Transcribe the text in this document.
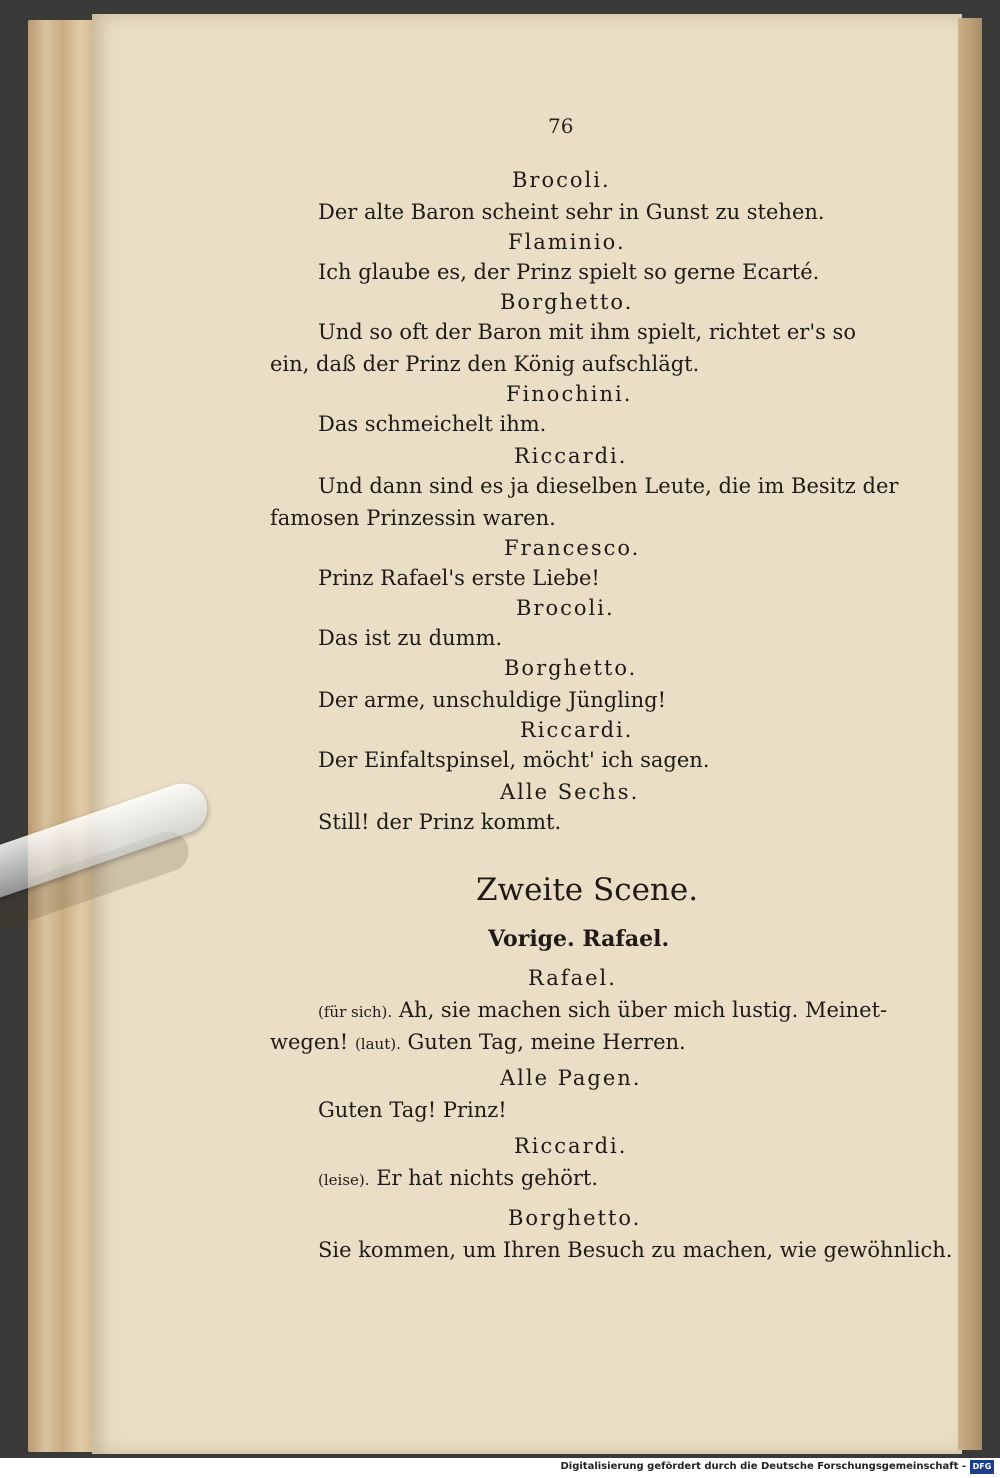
76
Brocoli.
Der alte Baron scheint sehr in Gunst zu stehen.
Flaminio.
Ich glaube es, der Prinz spielt so gerne Ecarté.
Borghetto.
Und so oft der Baron mit ihm spielt, richtet er's so
ein, daß der Prinz den König aufschlägt.
Finochini.
Das schmeichelt ihm.
Riccardi.
Und dann sind es ja dieselben Leute, die im Besitz der
famosen Prinzessin waren.
Francesco.
Prinz Rafael's erste Liebe!
Brocoli.
Das ist zu dumm.
Borghetto.
Der arme, unschuldige Jüngling!
Riccardi.
Der Einfaltspinsel, möcht' ich sagen.
Alle Sechs.
Still! der Prinz kommt.
Zweite Scene.
Vorige. Rafael.
Rafael.
(für sich). Ah, sie machen sich über mich lustig. Meinet-
wegen! (laut). Guten Tag, meine Herren.
Alle Pagen.
Guten Tag! Prinz!
Riccardi.
(leise). Er hat nichts gehört.
Borghetto.
Sie kommen, um Ihren Besuch zu machen, wie gewöhnlich.
Digitalisierung gefördert durch die Deutsche Forschungsgemeinschaft - DFG
